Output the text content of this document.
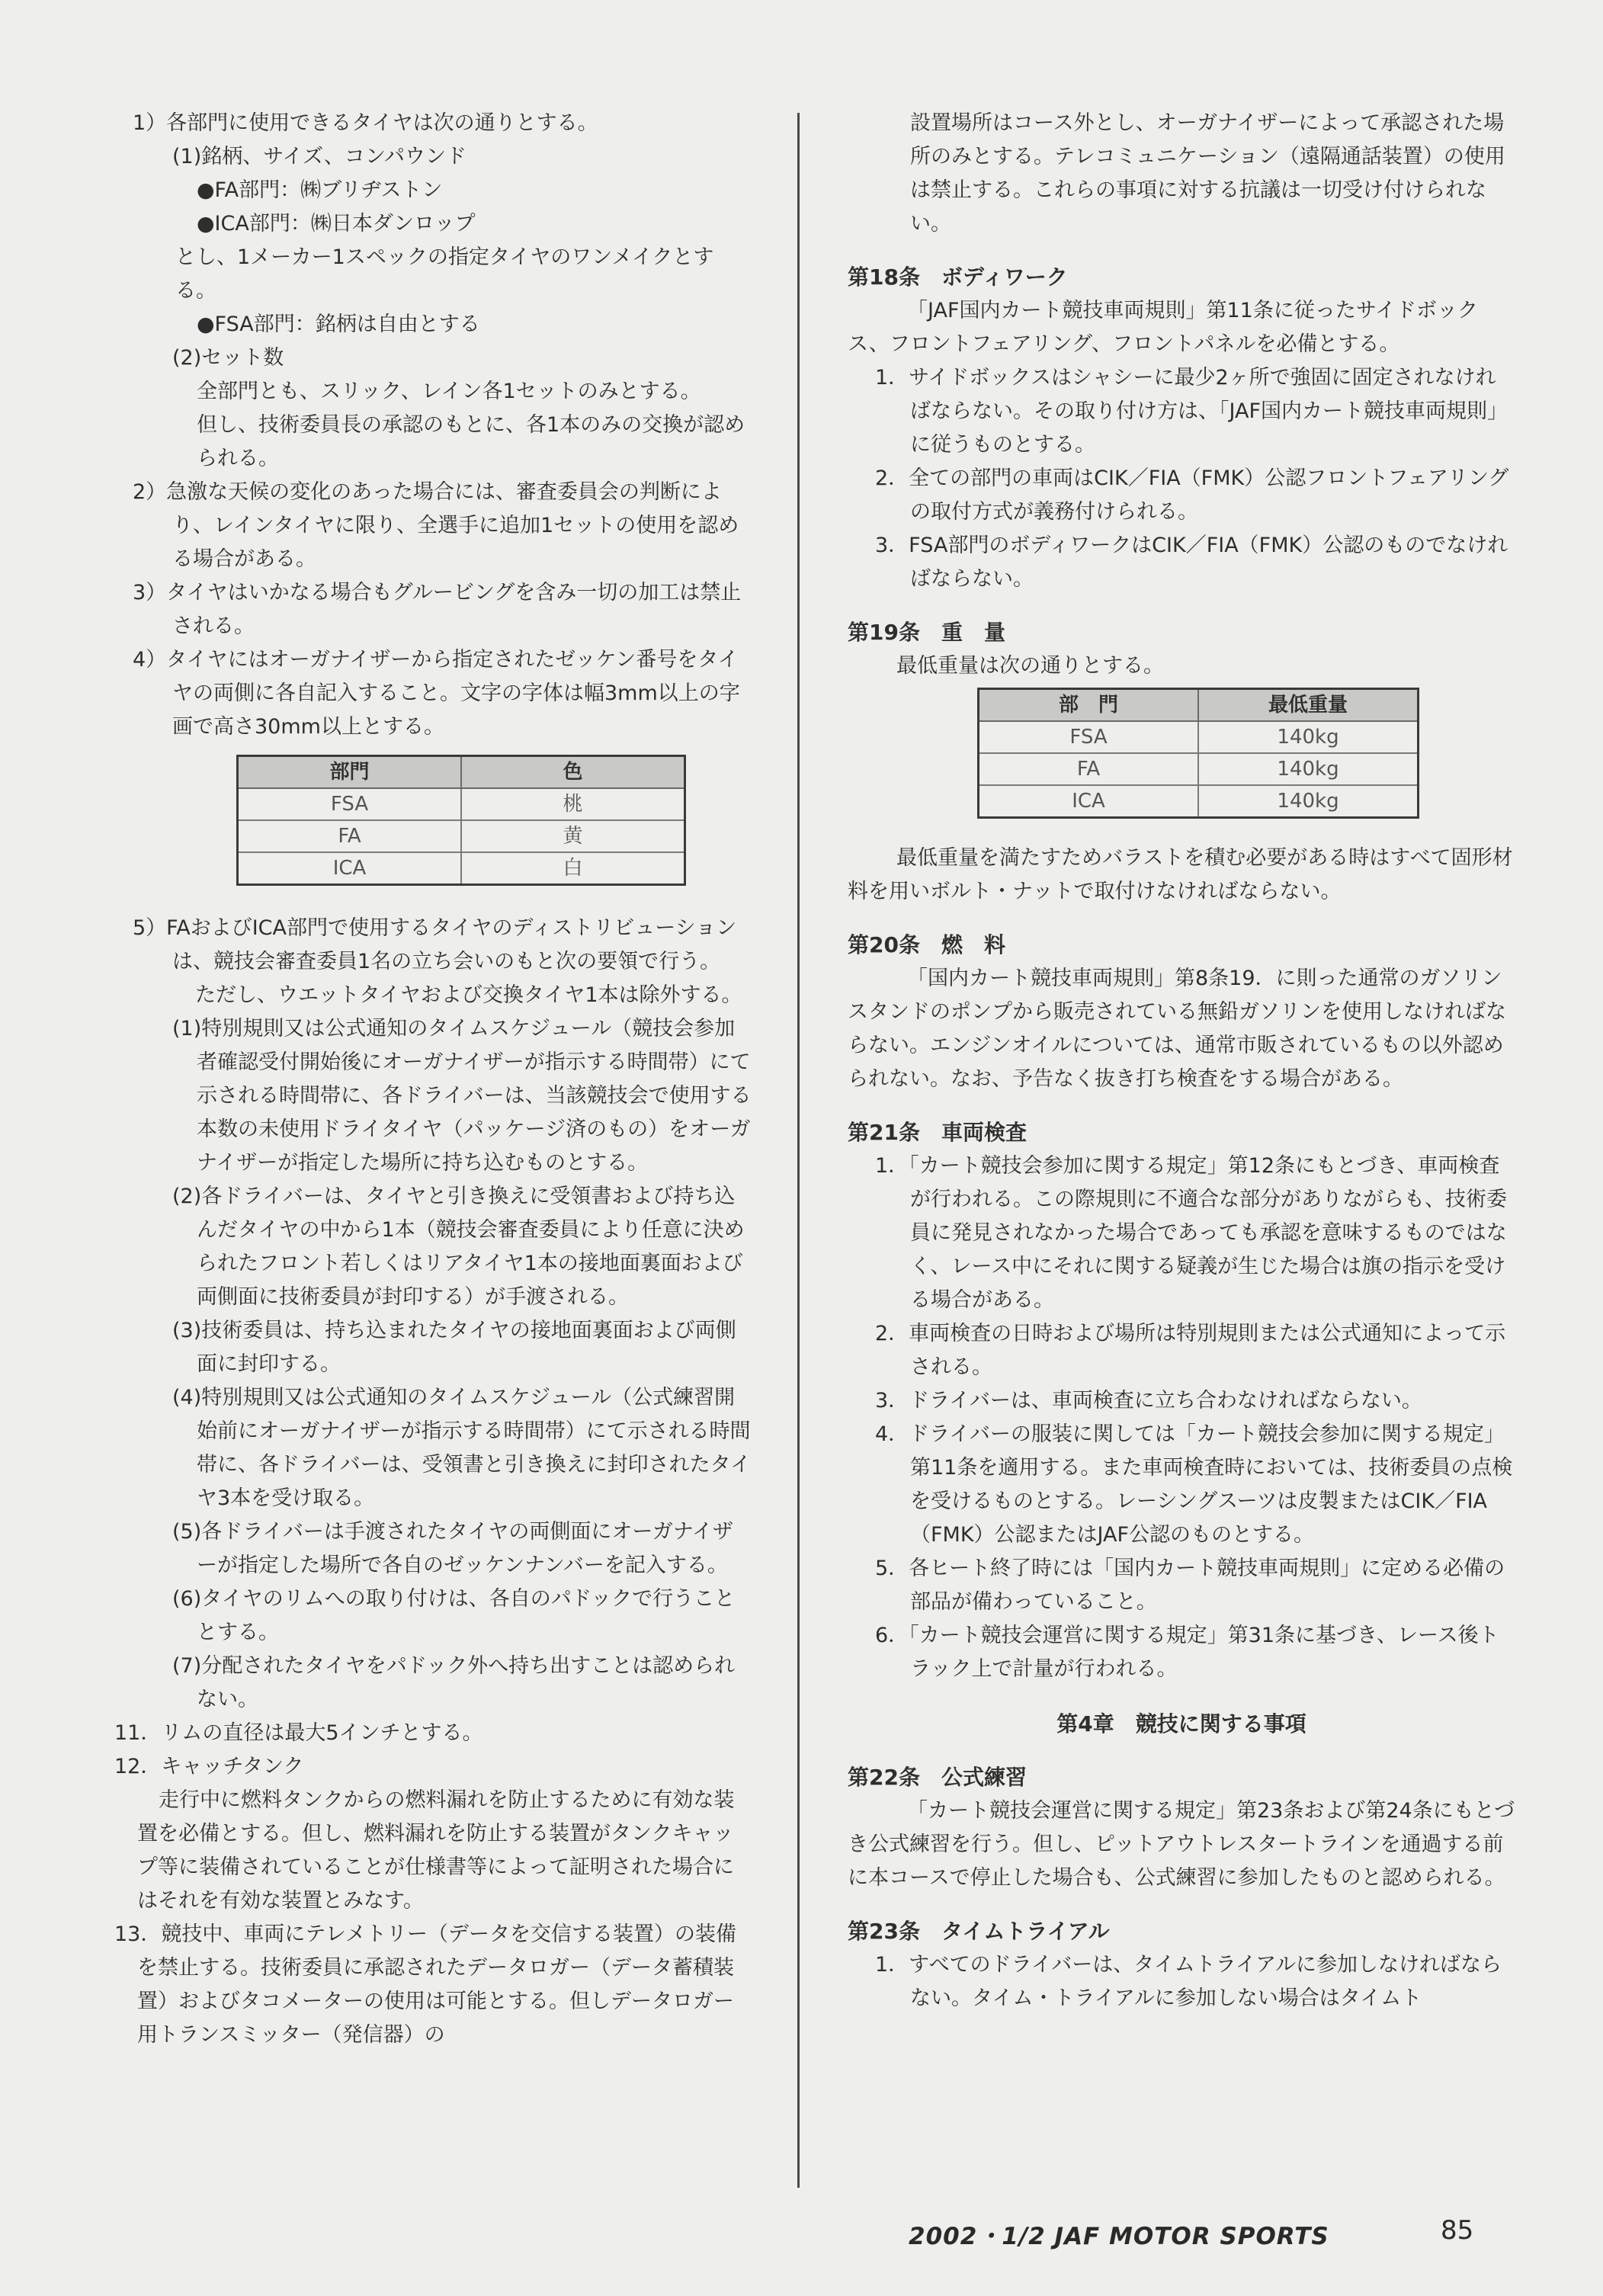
1）各部門に使用できるタイヤは次の通りとする。

(1)銘柄、サイズ、コンパウンド

●FA部門：㈱ブリヂストン

●ICA部門：㈱日本ダンロップ

とし、1メーカー1スペックの指定タイヤのワンメイクとする。

●FSA部門：銘柄は自由とする

(2)セット数

全部門とも、スリック、レイン各1セットのみとする。

但し、技術委員長の承認のもとに、各1本のみの交換が認められる。

2）急激な天候の変化のあった場合には、審査委員会の判断により、レインタイヤに限り、全選手に追加1セットの使用を認める場合がある。

3）タイヤはいかなる場合もグルービングを含み一切の加工は禁止される。

4）タイヤにはオーガナイザーから指定されたゼッケン番号をタイヤの両側に各自記入すること。文字の字体は幅3mm以上の字画で高さ30mm以上とする。

部門	色
FSA	桃
FA	黄
ICA	白

5）FAおよびICA部門で使用するタイヤのディストリビューションは、競技会審査委員1名の立ち会いのもと次の要領で行う。

ただし、ウエットタイヤおよび交換タイヤ1本は除外する。

(1)特別規則又は公式通知のタイムスケジュール（競技会参加者確認受付開始後にオーガナイザーが指示する時間帯）にて示される時間帯に、各ドライバーは、当該競技会で使用する本数の未使用ドライタイヤ（パッケージ済のもの）をオーガナイザーが指定した場所に持ち込むものとする。

(2)各ドライバーは、タイヤと引き換えに受領書および持ち込んだタイヤの中から1本（競技会審査委員により任意に決められたフロント若しくはリアタイヤ1本の接地面裏面および両側面に技術委員が封印する）が手渡される。

(3)技術委員は、持ち込まれたタイヤの接地面裏面および両側面に封印する。

(4)特別規則又は公式通知のタイムスケジュール（公式練習開始前にオーガナイザーが指示する時間帯）にて示される時間帯に、各ドライバーは、受領書と引き換えに封印されたタイヤ3本を受け取る。

(5)各ドライバーは手渡されたタイヤの両側面にオーガナイザーが指定した場所で各自のゼッケンナンバーを記入する。

(6)タイヤのリムへの取り付けは、各自のパドックで行うこととする。

(7)分配されたタイヤをパドック外へ持ち出すことは認められない。

11．リムの直径は最大5インチとする。

12．キャッチタンク

走行中に燃料タンクからの燃料漏れを防止するために有効な装置を必備とする。但し、燃料漏れを防止する装置がタンクキャップ等に装備されていることが仕様書等によって証明された場合にはそれを有効な装置とみなす。

13．競技中、車両にテレメトリー（データを交信する装置）の装備を禁止する。技術委員に承認されたデータロガー（データ蓄積装置）およびタコメーターの使用は可能とする。但しデータロガー用トランスミッター（発信器）の

設置場所はコース外とし、オーガナイザーによって承認された場所のみとする。テレコミュニケーション（遠隔通話装置）の使用は禁止する。これらの事項に対する抗議は一切受け付けられない。

第18条　ボディワーク

「JAF国内カート競技車両規則」第11条に従ったサイドボックス、フロントフェアリング、フロントパネルを必備とする。

1．サイドボックスはシャシーに最少2ヶ所で強固に固定されなければならない。その取り付け方は、「JAF国内カート競技車両規則」に従うものとする。

2．全ての部門の車両はCIK／FIA（FMK）公認フロントフェアリングの取付方式が義務付けられる。

3．FSA部門のボディワークはCIK／FIA（FMK）公認のものでなければならない。

第19条　重　量

最低重量は次の通りとする。

部　門	最低重量
FSA	140kg
FA	140kg
ICA	140kg

最低重量を満たすためバラストを積む必要がある時はすべて固形材料を用いボルト・ナットで取付けなければならない。

第20条　燃　料

「国内カート競技車両規則」第8条19．に則った通常のガソリンスタンドのポンプから販売されている無鉛ガソリンを使用しなければならない。エンジンオイルについては、通常市販されているもの以外認められない。なお、予告なく抜き打ち検査をする場合がある。

第21条　車両検査

1．「カート競技会参加に関する規定」第12条にもとづき、車両検査が行われる。この際規則に不適合な部分がありながらも、技術委員に発見されなかった場合であっても承認を意味するものではなく、レース中にそれに関する疑義が生じた場合は旗の指示を受ける場合がある。

2．車両検査の日時および場所は特別規則または公式通知によって示される。

3．ドライバーは、車両検査に立ち合わなければならない。

4．ドライバーの服装に関しては「カート競技会参加に関する規定」第11条を適用する。また車両検査時においては、技術委員の点検を受けるものとする。レーシングスーツは皮製またはCIK／FIA（FMK）公認またはJAF公認のものとする。

5．各ヒート終了時には「国内カート競技車両規則」に定める必備の部品が備わっていること。

6．「カート競技会運営に関する規定」第31条に基づき、レース後トラック上で計量が行われる。

第4章　競技に関する事項

第22条　公式練習

「カート競技会運営に関する規定」第23条および第24条にもとづき公式練習を行う。但し、ピットアウトレスタートラインを通過する前に本コースで停止した場合も、公式練習に参加したものと認められる。

第23条　タイムトライアル

1．すべてのドライバーは、タイムトライアルに参加しなければならない。タイム・トライアルに参加しない場合はタイムト

2002・1/2 JAF MOTOR SPORTS	85
